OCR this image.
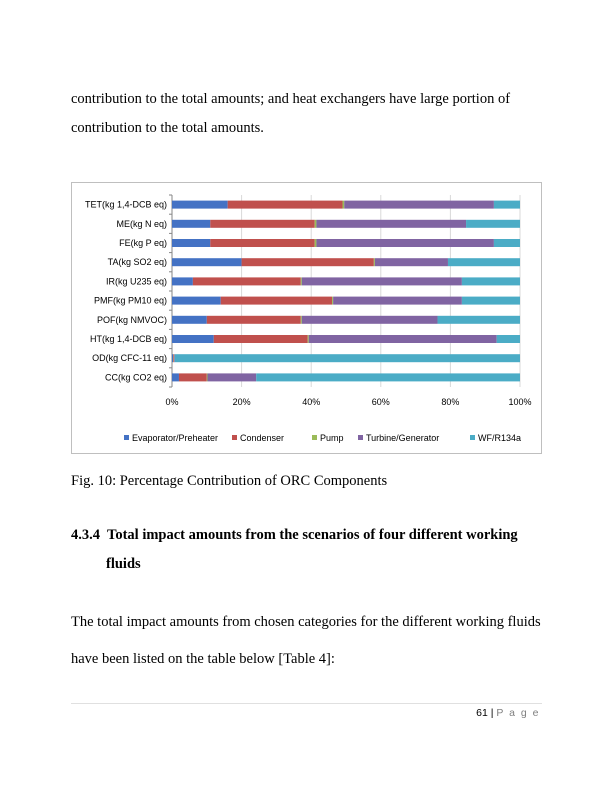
contribution to the total amounts; and heat exchangers have large portion of
contribution to the total amounts.
0%	20%	40%	60%	80%	100%
TET(kg 1,4-DCB eq)
ME(kg N eq)
FE(kg P eq)
TA(kg SO2 eq)
IR(kg U235 eq)
PMF(kg PM10 eq)
POF(kg NMVOC)
HT(kg 1,4-DCB eq)
OD(kg CFC-11 eq)
CC(kg CO2 eq)
Evaporator/Preheater Condenser	Pump Turbine/Generator	WF/R134a
Fig. 10: Percentage Contribution of ORC Components
4.3.4 Total impact amounts from the scenarios of four different working
fluids
The total impact amounts from chosen categories for the different working fluids
have been listed on the table below [Table 4]:
61 | P a g e
